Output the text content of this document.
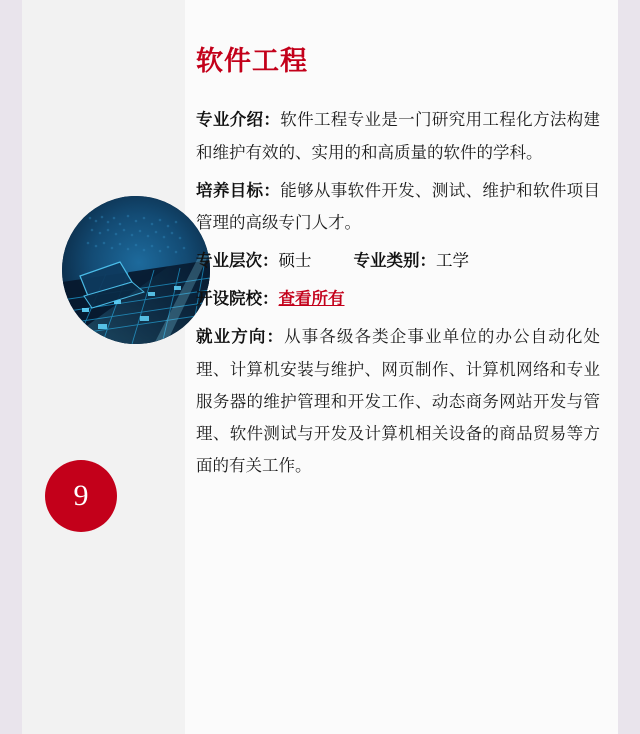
9
软件工程

专业介绍：软件工程专业是一门研究用工程化方法构建和维护有效的、实用的和高质量的软件的学科。

培养目标：能够从事软件开发、测试、维护和软件项目管理的高级专门人才。

专业层次：硕士	专业类别：工学
开设院校：查看所有

就业方向：从事各级各类企事业单位的办公自动化处理、计算机安装与维护、网页制作、计算机网络和专业服务器的维护管理和开发工作、动态商务网站开发与管理、软件测试与开发及计算机相关设备的商品贸易等方面的有关工作。
